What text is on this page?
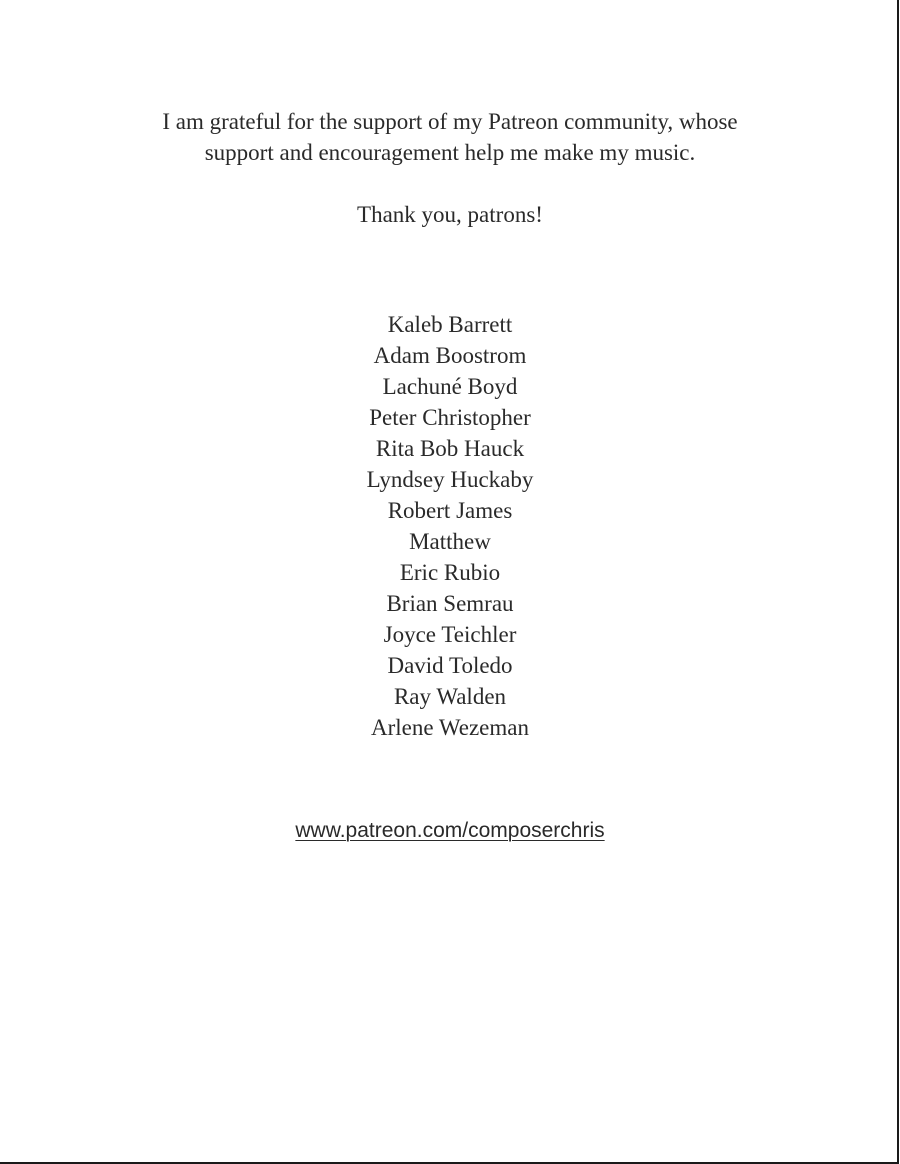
I am grateful for the support of my Patreon community, whose
support and encouragement help me make my music.
Thank you, patrons!
Kaleb Barrett
Adam Boostrom
Lachuné Boyd
Peter Christopher
Rita Bob Hauck
Lyndsey Huckaby
Robert James
Matthew
Eric Rubio
Brian Semrau
Joyce Teichler
David Toledo
Ray Walden
Arlene Wezeman
www.patreon.com/composerchris
